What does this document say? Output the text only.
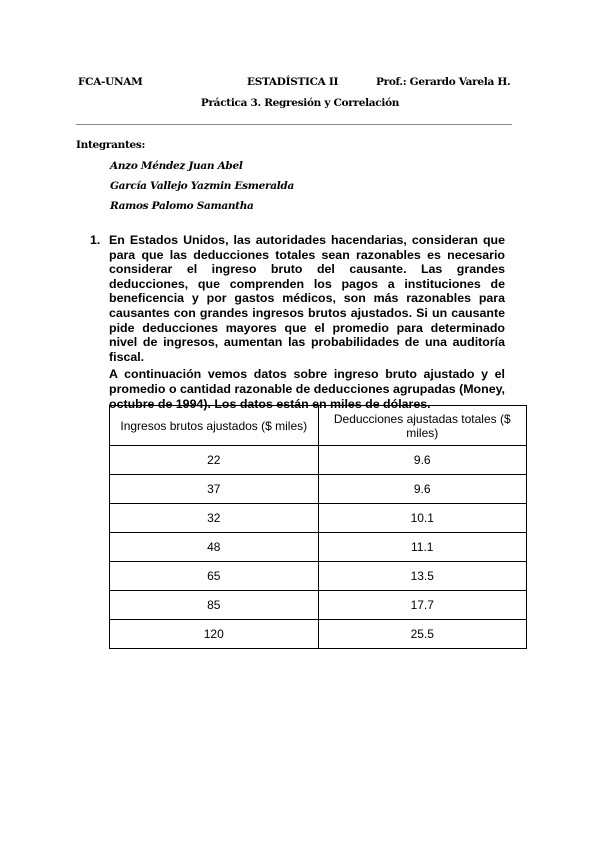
FCA-UNAM	ESTADÍSTICA II	Prof.: Gerardo Varela H.
Práctica 3. Regresión y Correlación
Integrantes:
Anzo Méndez Juan Abel
García Vallejo Yazmin Esmeralda
Ramos Palomo Samantha
1. En Estados Unidos, las autoridades hacendarias, consideran que para que las deducciones totales sean razonables es necesario considerar el ingreso bruto del causante. Las grandes deducciones, que comprenden los pagos a instituciones de beneficencia y por gastos médicos, son más razonables para causantes con grandes ingresos brutos ajustados. Si un causante pide deducciones mayores que el promedio para determinado nivel de ingresos, aumentan las probabilidades de una auditoría fiscal.

A continuación vemos datos sobre ingreso bruto ajustado y el promedio o cantidad razonable de deducciones agrupadas (Money, octubre de 1994). Los datos están en miles de dólares.

Ingresos brutos ajustados ($ miles)	Deducciones ajustadas totales ($ miles)
22	9.6
37	9.6
32	10.1
48	11.1
65	13.5
85	17.7
120	25.5
